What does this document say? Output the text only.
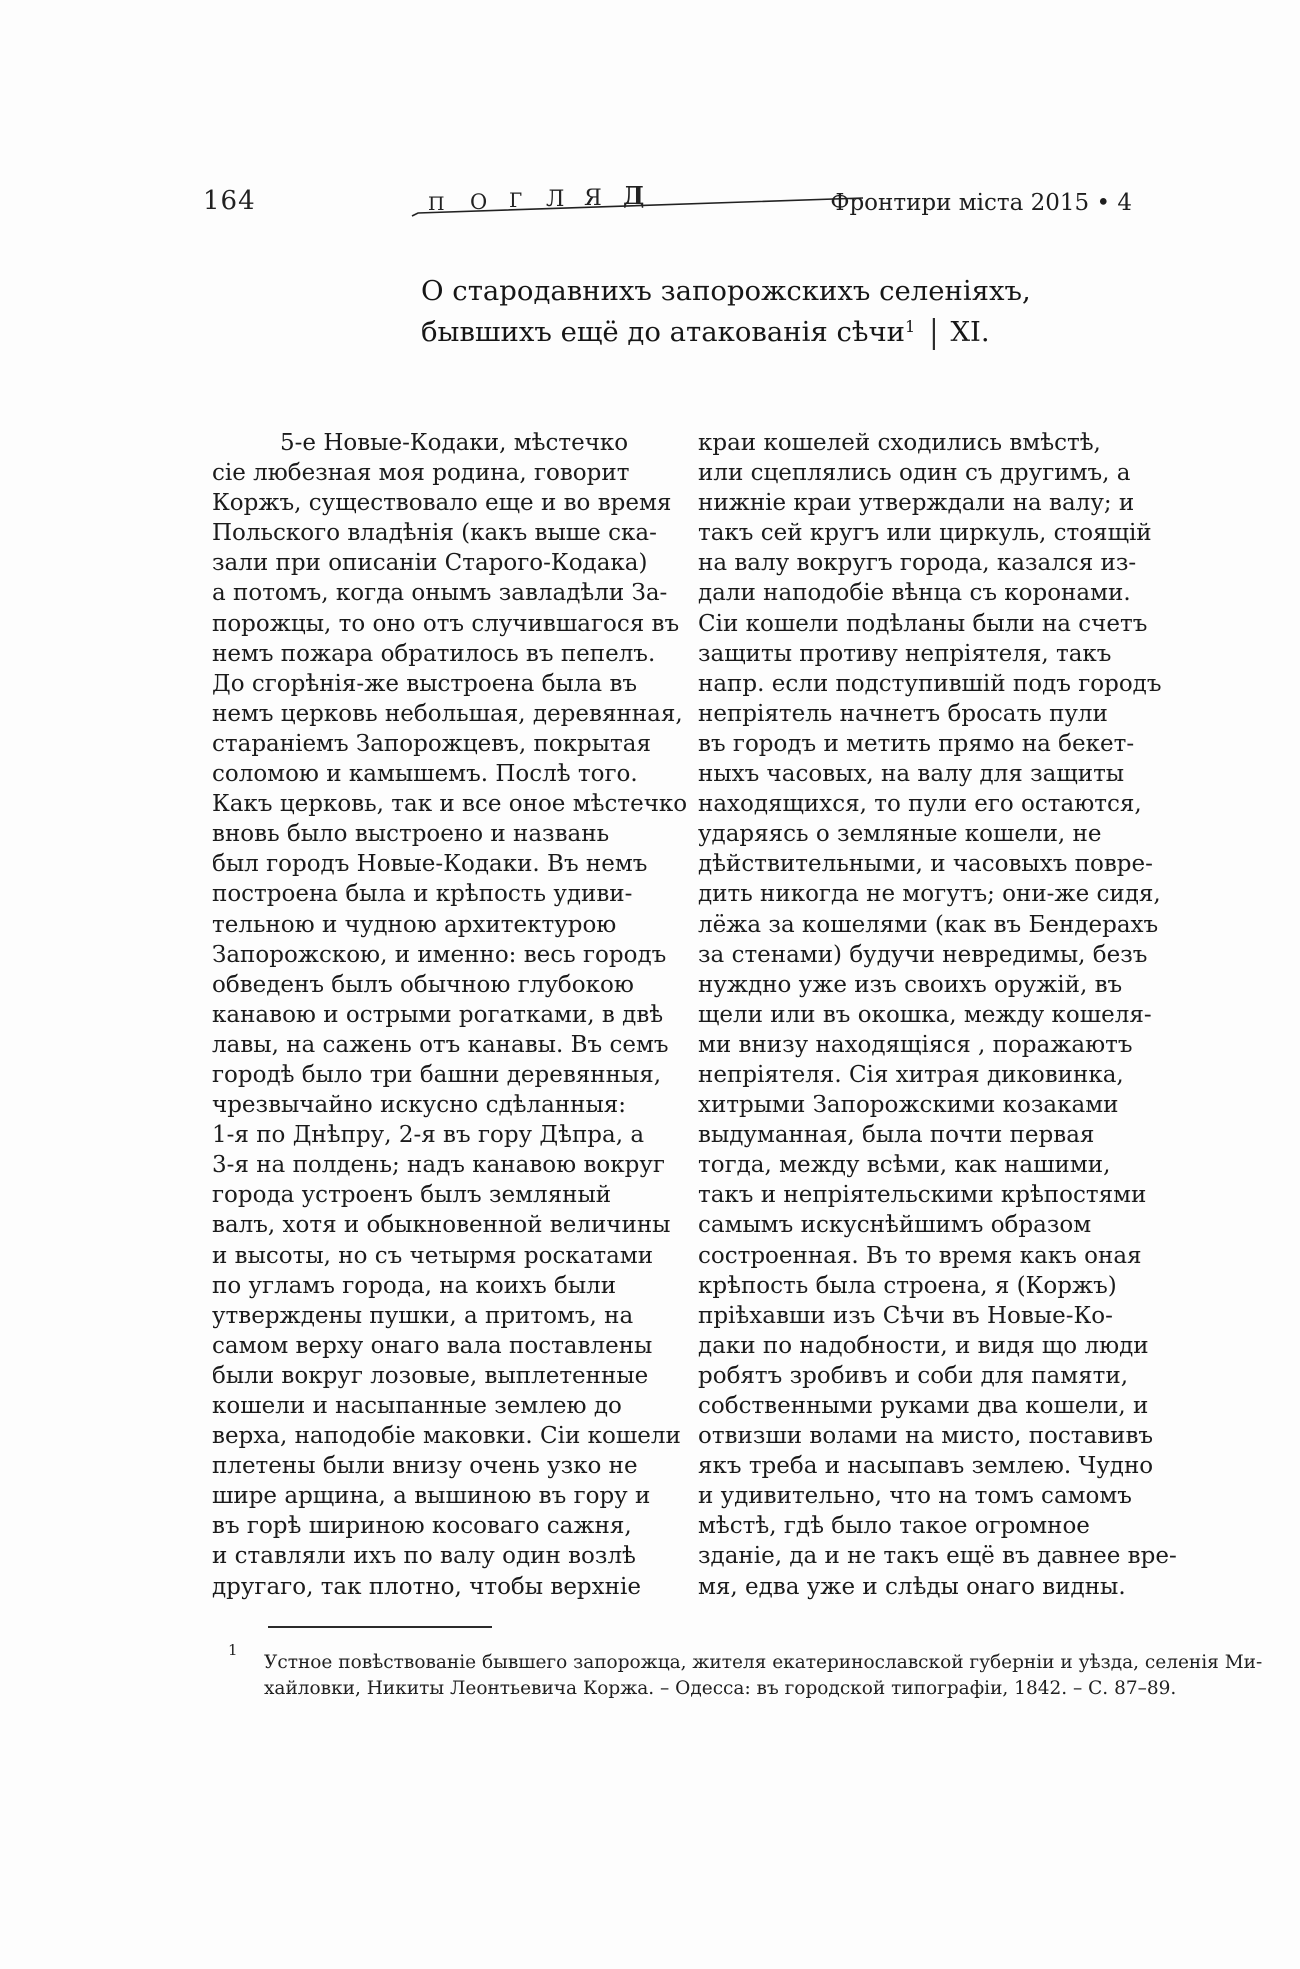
164	П О Г Л Я Д	Фронтири міста 2015 • 4
О стародавнихъ запорожскихъ селеніяхъ,
бывшихъ ещё до атакованія сѣчи$^1$ | XI.
5-е Новые-Кодаки, мѣстечко
сіе любезная моя родина, говорит
Коржъ, существовало еще и во время
Польского владѣнія (какъ выше ска-
зали при описаніи Старого-Кодака)
а потомъ, когда онымъ завладѣли За-
порожцы, то оно отъ случившагося въ
немъ пожара обратилось въ пепелъ.
До сгорѣнія-же выстроена была въ
немъ церковь небольшая, деревянная,
стараніемъ Запорожцевъ, покрытая
соломою и камышемъ. Послѣ того.
Какъ церковь, так и все оное мѣстечко
вновь было выстроено и названь
был городъ Новые-Кодаки. Въ немъ
построена была и крѣпость удиви-
тельною и чудною архитектурою
Запорожскою, и именно: весь городъ
обведенъ былъ обычною глубокою
канавою и острыми рогатками, в двѣ
лавы, на сажень отъ канавы. Въ семъ
городѣ было три башни деревянныя,
чрезвычайно искусно сдѣланныя:
1-я по Днѣпру, 2-я въ гору Дѣпра, а
3-я на полдень; надъ канавою вокруг
города устроенъ былъ земляный
валъ, хотя и обыкновенной величины
и высоты, но съ четырмя роскатами
по угламъ города, на коихъ были
утверждены пушки, а притомъ, на
самом верху онаго вала поставлены
были вокруг лозовые, выплетенные
кошели и насыпанные землею до
верха, наподобіе маковки. Сіи кошели
плетены были внизу очень узко не
шире арщина, а вышиною въ гору и
въ горѣ шириною косоваго сажня,
и ставляли ихъ по валу один возлѣ
другаго, так плотно, чтобы верхніе
краи кошелей сходились вмѣстѣ,
или сцеплялись один съ другимъ, а
нижніе краи утверждали на валу; и
такъ сей кругъ или циркуль, стоящій
на валу вокругъ города, казался из-
дали наподобіе вѣнца съ коронами.
Сіи кошели подѣланы были на счетъ
защиты противу непріятеля, такъ
напр. если подступившій подъ городъ
непріятель начнетъ бросать пули
въ городъ и метить прямо на бекет-
ныхъ часовых, на валу для защиты
находящихся, то пули его остаются,
ударяясь о земляные кошели, не
дѣйствительными, и часовыхъ повре-
дить никогда не могутъ; они-же сидя,
лёжа за кошелями (как въ Бендерахъ
за стенами) будучи невредимы, безъ
нуждно уже изъ своихъ оружій, въ
щели или въ окошка, между кошеля-
ми внизу находящіяся , поражаютъ
непріятеля. Сія хитрая диковинка,
хитрыми Запорожскими козаками
выдуманная, была почти первая
тогда, между всѣми, как нашими,
такъ и непріятельскими крѣпостями
самымъ искуснѣйшимъ образом
состроенная. Въ то время какъ оная
крѣпость была строена, я (Коржъ)
пріѣхавши изъ Сѣчи въ Новые-Ко-
даки по надобности, и видя що люди
робятъ зробивъ и соби для памяти,
собственными руками два кошели, и
отвизши волами на мисто, поставивъ
якъ треба и насыпавъ землею. Чудно
и удивительно, что на томъ самомъ
мѣстѣ, гдѣ было такое огромное
зданіе, да и не такъ ещё въ давнее вре-
мя, едва уже и слѣды онаго видны.
1
Устное повѣствованіе бывшего запорожца, жителя екатеринославской губерніи и уѣзда, селенія Ми-
хайловки, Никиты Леонтьевича Коржа. – Одесса: въ городской типографіи, 1842. – С. 87–89.
